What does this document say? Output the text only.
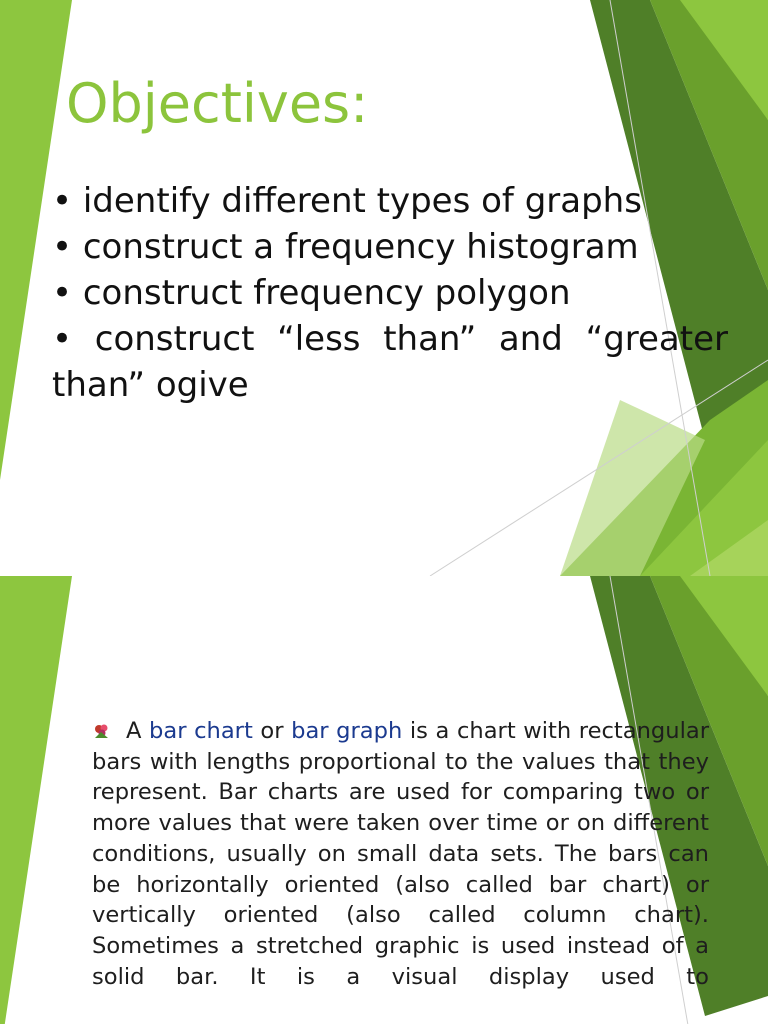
Objectives:
• identify different types of graphs
• construct a frequency histogram
• construct frequency polygon
• construct “less than” and “greater than” ogive

A bar chart or bar graph is a chart with rectangular bars with lengths proportional to the values that they represent. Bar charts are used for comparing two or more values that were taken over time or on different conditions, usually on small data sets. The bars can be horizontally oriented (also called bar chart) or vertically oriented (also called column chart). Sometimes a stretched graphic is used instead of a solid bar. It is a visual display used to
